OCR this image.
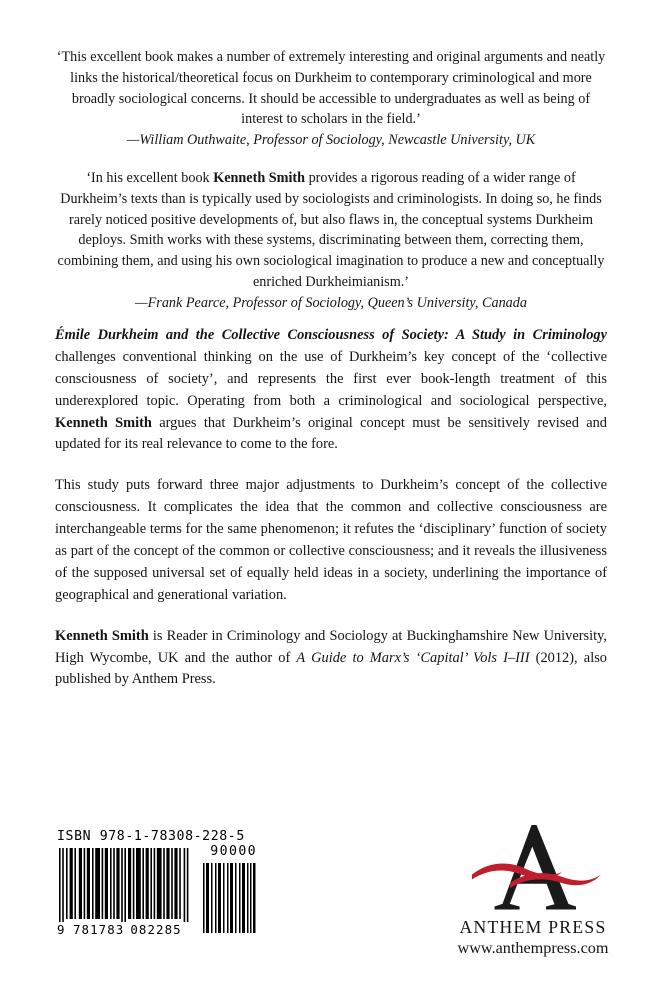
‘This excellent book makes a number of extremely interesting and original arguments and neatly links the historical/theoretical focus on Durkheim to contemporary criminological and more broadly sociological concerns. It should be accessible to undergraduates as well as being of interest to scholars in the field.’
—William Outhwaite, Professor of Sociology, Newcastle University, UK
‘In his excellent book Kenneth Smith provides a rigorous reading of a wider range of Durkheim’s texts than is typically used by sociologists and criminologists. In doing so, he finds rarely noticed positive developments of, but also flaws in, the conceptual systems Durkheim deploys. Smith works with these systems, discriminating between them, correcting them, combining them, and using his own sociological imagination to produce a new and conceptually enriched Durkheimianism.’
—Frank Pearce, Professor of Sociology, Queen’s University, Canada

Émile Durkheim and the Collective Consciousness of Society: A Study in Criminology challenges conventional thinking on the use of Durkheim’s key concept of the ‘collective consciousness of society’, and represents the first ever book-length treatment of this underexplored topic. Operating from both a criminological and sociological perspective, Kenneth Smith argues that Durkheim’s original concept must be sensitively revised and updated for its real relevance to come to the fore.

This study puts forward three major adjustments to Durkheim’s concept of the collective consciousness. It complicates the idea that the common and collective consciousness are interchangeable terms for the same phenomenon; it refutes the ‘disciplinary’ function of society as part of the concept of the common or collective consciousness; and it reveals the illusiveness of the supposed universal set of equally held ideas in a society, underlining the importance of geographical and generational variation.

Kenneth Smith is Reader in Criminology and Sociology at Buckinghamshire New University, High Wycombe, UK and the author of A Guide to Marx’s ‘Capital’ Vols I–III (2012), also published by Anthem Press.

ISBN 978-1-78308-228-5
90000
9 781783 082285	ANTHEM PRESS
www.anthempress.com
